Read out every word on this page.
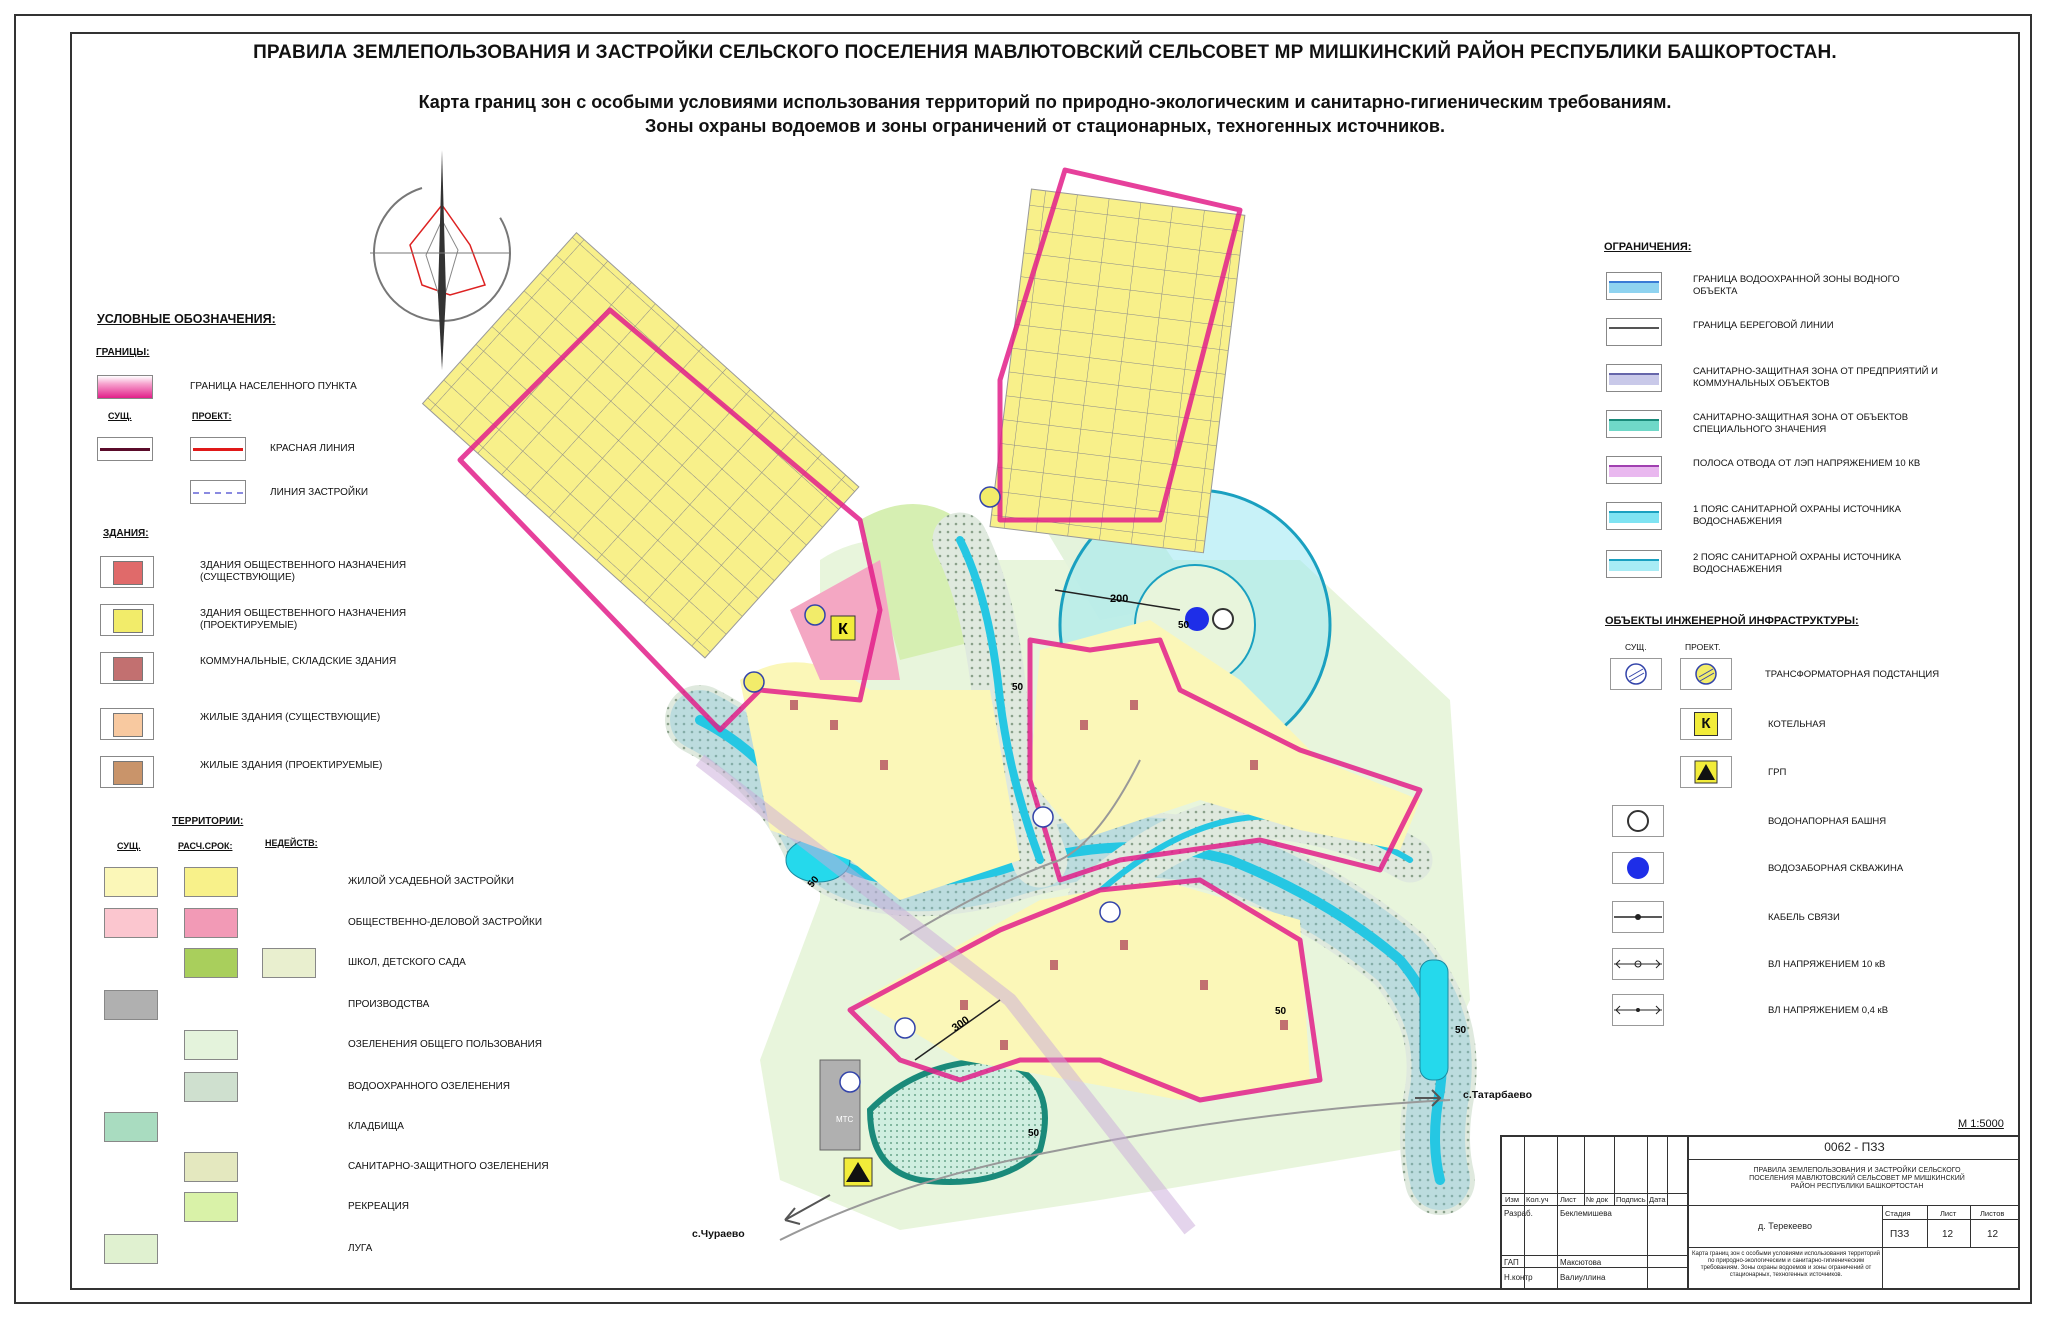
ПРАВИЛА ЗЕМЛЕПОЛЬЗОВАНИЯ И ЗАСТРОЙКИ СЕЛЬСКОГО ПОСЕЛЕНИЯ МАВЛЮТОВСКИЙ СЕЛЬСОВЕТ МР МИШКИНСКИЙ РАЙОН РЕСПУБЛИКИ БАШКОРТОСТАН.
Карта границ зон с особыми условиями использования территорий по природно-экологическим и санитарно-гигиеническим требованиям.
Зоны охраны водоемов и зоны ограничений от стационарных, техногенных источников.
УСЛОВНЫЕ ОБОЗНАЧЕНИЯ:
ГРАНИЦЫ:
ГРАНИЦА НАСЕЛЕННОГО ПУНКТА
СУЩ.	ПРОЕКТ:
КРАСНАЯ ЛИНИЯ
ЛИНИЯ ЗАСТРОЙКИ
ЗДАНИЯ:
ЗДАНИЯ ОБЩЕСТВЕННОГО НАЗНАЧЕНИЯ (СУЩЕСТВУЮЩИЕ)
ЗДАНИЯ ОБЩЕСТВЕННОГО НАЗНАЧЕНИЯ (ПРОЕКТИРУЕМЫЕ)
КОММУНАЛЬНЫЕ, СКЛАДСКИЕ ЗДАНИЯ
ЖИЛЫЕ ЗДАНИЯ (СУЩЕСТВУЮЩИЕ)
ЖИЛЫЕ ЗДАНИЯ (ПРОЕКТИРУЕМЫЕ)
ТЕРРИТОРИИ:
СУЩ.	РАСЧ.СРОК:	НЕДЕЙСТВ:
ЖИЛОЙ УСАДЕБНОЙ ЗАСТРОЙКИ
ОБЩЕСТВЕННО-ДЕЛОВОЙ ЗАСТРОЙКИ
ШКОЛ, ДЕТСКОГО САДА
ПРОИЗВОДСТВА
ОЗЕЛЕНЕНИЯ ОБЩЕГО ПОЛЬЗОВАНИЯ
ВОДООХРАННОГО ОЗЕЛЕНЕНИЯ
КЛАДБИЩА
САНИТАРНО-ЗАЩИТНОГО ОЗЕЛЕНЕНИЯ
РЕКРЕАЦИЯ
ЛУГА
К
200
300
50
50
50
50
50
50
МТС
с.Татарбаево
с.Чураево
ОГРАНИЧЕНИЯ:
ГРАНИЦА ВОДООХРАННОЙ ЗОНЫ ВОДНОГО ОБЪЕКТА
ГРАНИЦА БЕРЕГОВОЙ ЛИНИИ
САНИТАРНО-ЗАЩИТНАЯ ЗОНА ОТ ПРЕДПРИЯТИЙ И КОММУНАЛЬНЫХ ОБЪЕКТОВ
САНИТАРНО-ЗАЩИТНАЯ ЗОНА ОТ ОБЪЕКТОВ СПЕЦИАЛЬНОГО ЗНАЧЕНИЯ
ПОЛОСА ОТВОДА ОТ ЛЭП НАПРЯЖЕНИЕМ 10 КВ
1 ПОЯС САНИТАРНОЙ ОХРАНЫ ИСТОЧНИКА ВОДОСНАБЖЕНИЯ
2 ПОЯС САНИТАРНОЙ ОХРАНЫ ИСТОЧНИКА ВОДОСНАБЖЕНИЯ
ОБЪЕКТЫ ИНЖЕНЕРНОЙ ИНФРАСТРУКТУРЫ:
СУЩ.	ПРОЕКТ.
ТРАНСФОРМАТОРНАЯ ПОДСТАНЦИЯ
К	КОТЕЛЬНАЯ
ГРП
ВОДОНАПОРНАЯ БАШНЯ
ВОДОЗАБОРНАЯ СКВАЖИНА
КАБЕЛЬ СВЯЗИ
ВЛ НАПРЯЖЕНИЕМ 10 кВ
ВЛ НАПРЯЖЕНИЕМ 0,4 кВ
М 1:5000
Изм Кол.уч Лист № док Подпись Дата
0062 - ПЗЗ
ПРАВИЛА ЗЕМЛЕПОЛЬЗОВАНИЯ И ЗАСТРОЙКИ СЕЛЬСКОГО ПОСЕЛЕНИЯ МАВЛЮТОВСКИЙ СЕЛЬСОВЕТ МР МИШКИНСКИЙ РАЙОН РЕСПУБЛИКИ БАШКОРТОСТАН
д. Терекеево
Стадия	Лист	Листов
ПЗЗ	12	12
Карта границ зон с особыми условиями использования территорий по природно-экологическим и санитарно-гигиеническим требованиям. Зоны охраны водоемов и зоны ограничений от стационарных, техногенных источников.
Разраб.	Беклемишева
ГАП	Максютова
Н.контр	Валиуллина
